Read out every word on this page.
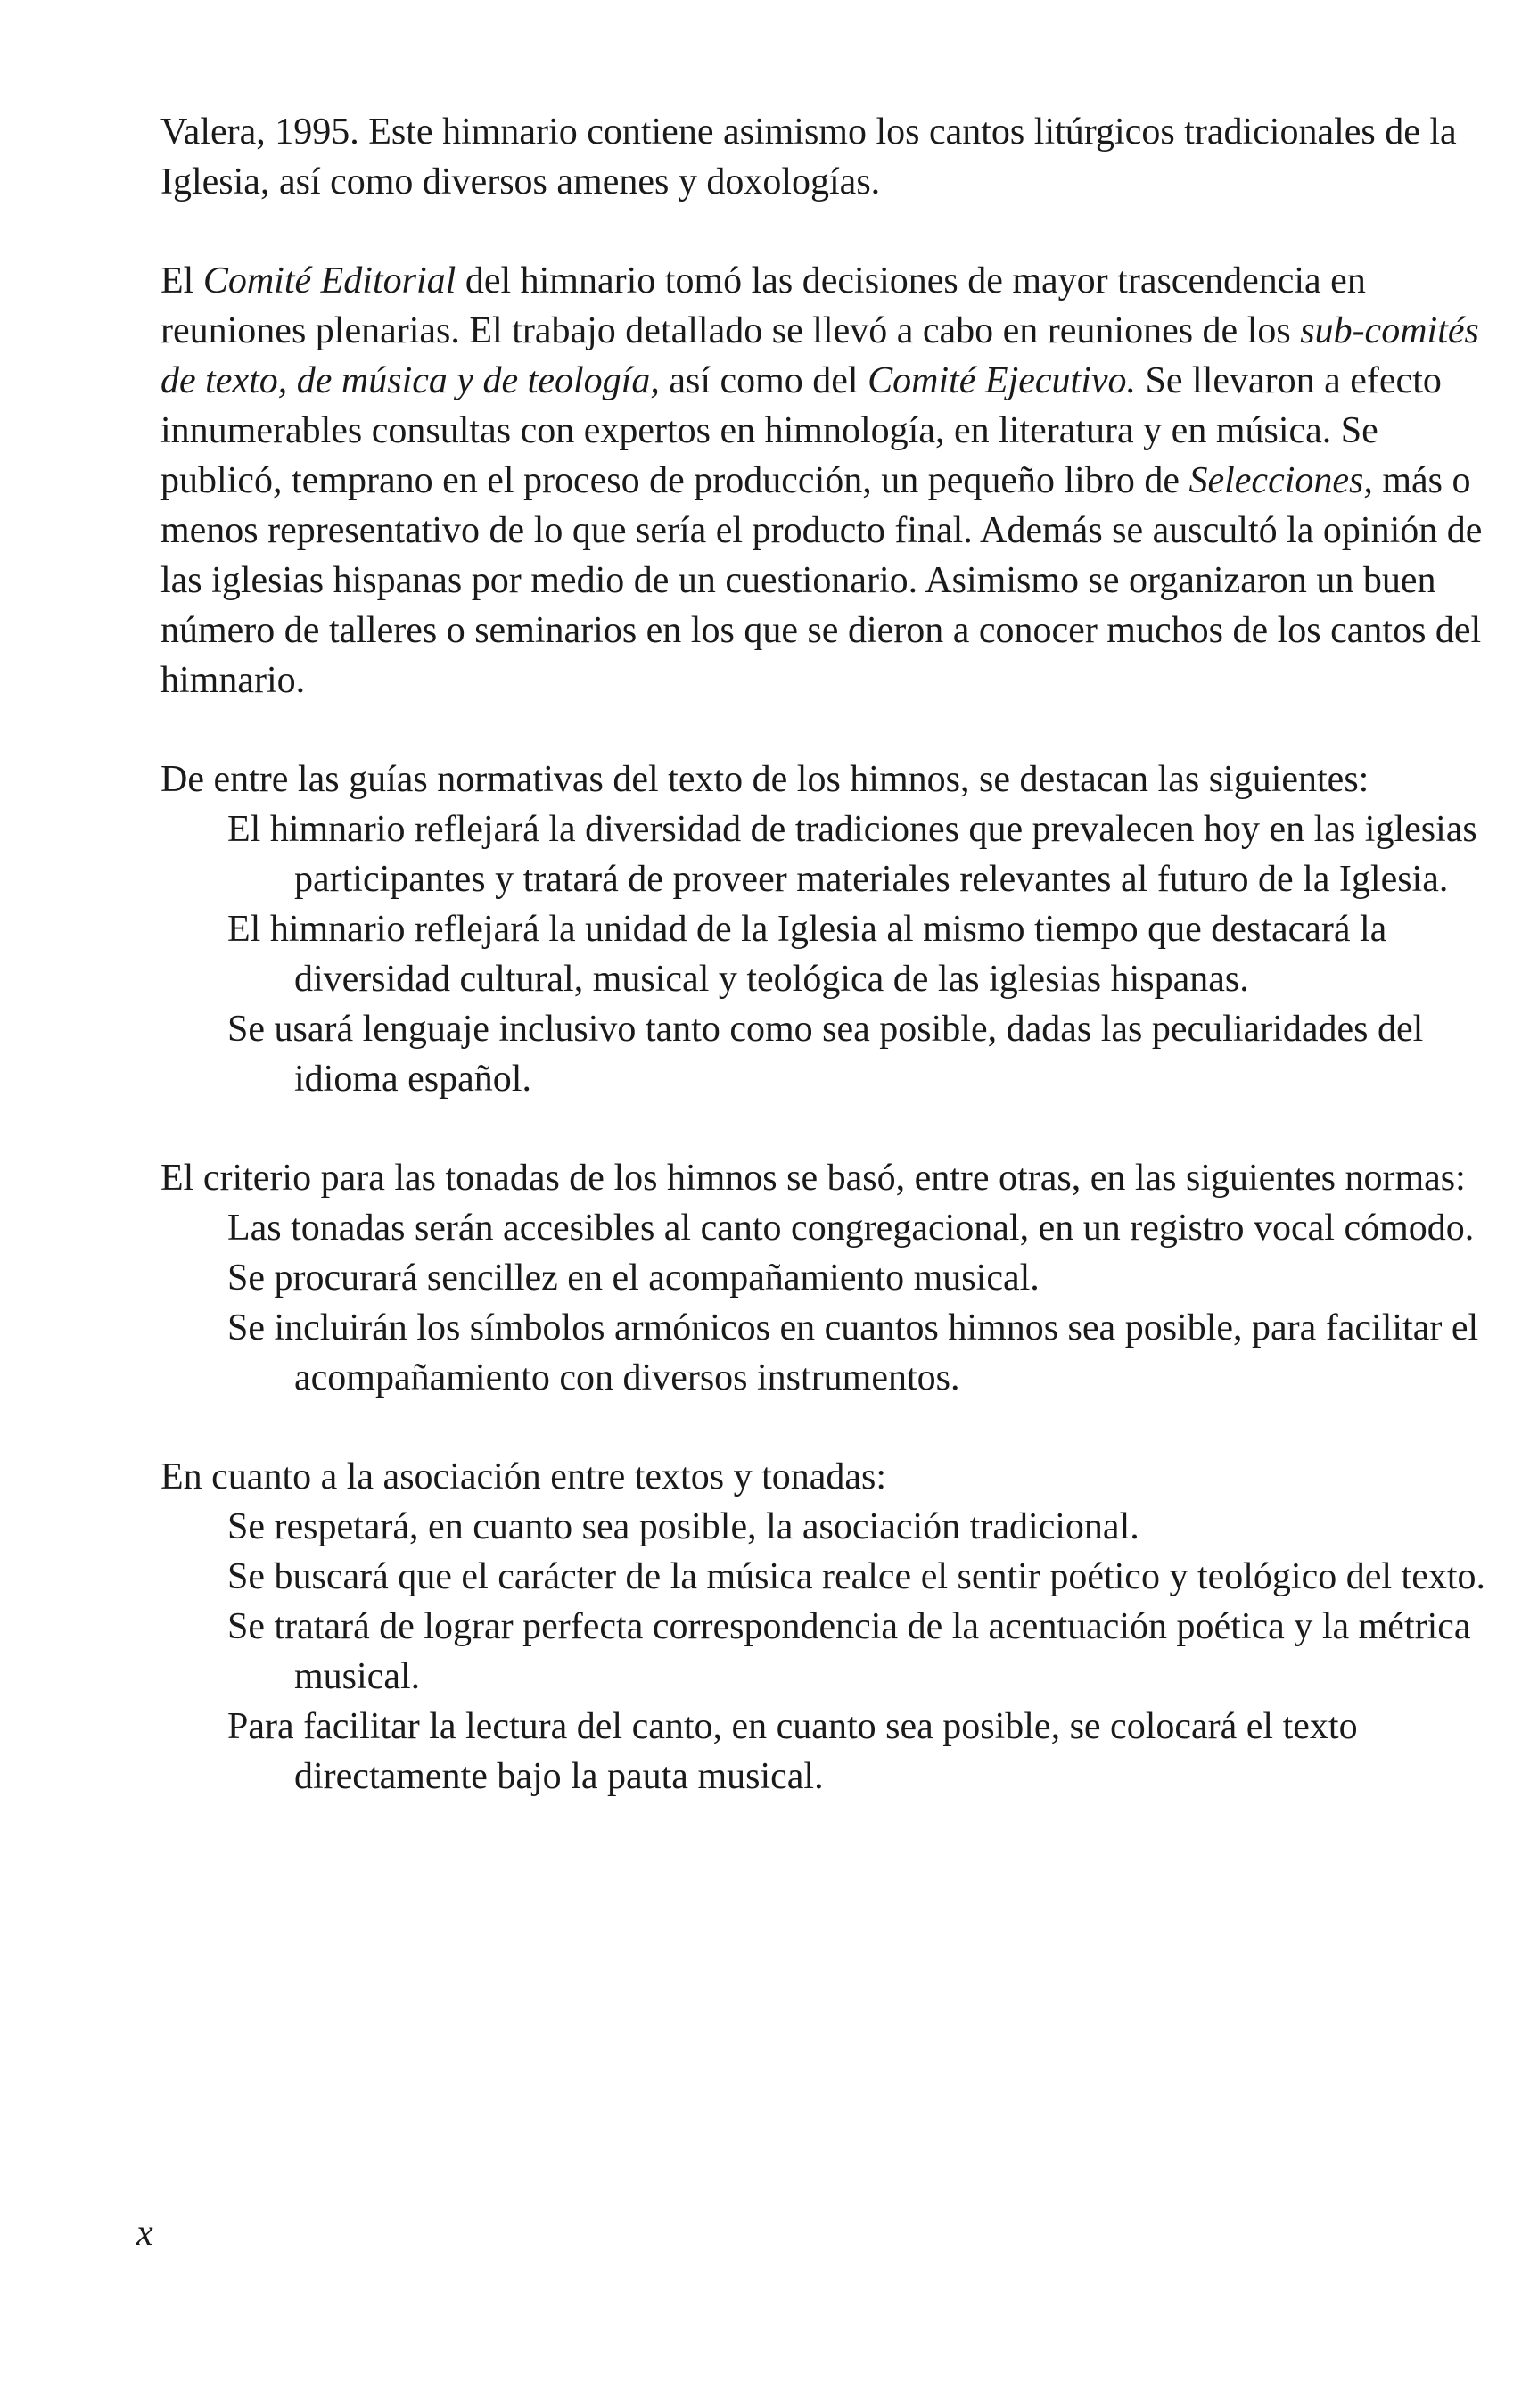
Valera, 1995. Este himnario contiene asimismo los cantos litúrgicos tradicionales de la Iglesia, así como diversos amenes y doxologías.

El Comité Editorial del himnario tomó las decisiones de mayor trascendencia en reuniones plenarias. El trabajo detallado se llevó a cabo en reuniones de los sub-comités de texto, de música y de teología, así como del Comité Ejecutivo. Se llevaron a efecto innumerables consultas con expertos en himnología, en literatura y en música. Se publicó, temprano en el proceso de producción, un pequeño libro de Selecciones, más o menos representativo de lo que sería el producto final. Además se auscultó la opinión de las iglesias hispanas por medio de un cuestionario. Asimismo se organizaron un buen número de talleres o seminarios en los que se dieron a conocer muchos de los cantos del himnario.

De entre las guías normativas del texto de los himnos, se destacan las siguientes:

El himnario reflejará la diversidad de tradiciones que prevalecen hoy en las iglesias participantes y tratará de proveer materiales relevantes al futuro de la Iglesia.
El himnario reflejará la unidad de la Iglesia al mismo tiempo que destacará la diversidad cultural, musical y teológica de las iglesias hispanas.
Se usará lenguaje inclusivo tanto como sea posible, dadas las peculiaridades del idioma español.

El criterio para las tonadas de los himnos se basó, entre otras, en las siguientes normas:

Las tonadas serán accesibles al canto congregacional, en un registro vocal cómodo.
Se procurará sencillez en el acompañamiento musical.
Se incluirán los símbolos armónicos en cuantos himnos sea posible, para facilitar el acompañamiento con diversos instrumentos.

En cuanto a la asociación entre textos y tonadas:

Se respetará, en cuanto sea posible, la asociación tradicional.
Se buscará que el carácter de la música realce el sentir poético y teológico del texto.
Se tratará de lograr perfecta correspondencia de la acentuación poética y la métrica musical.
Para facilitar la lectura del canto, en cuanto sea posible, se colocará el texto directamente bajo la pauta musical.
x
